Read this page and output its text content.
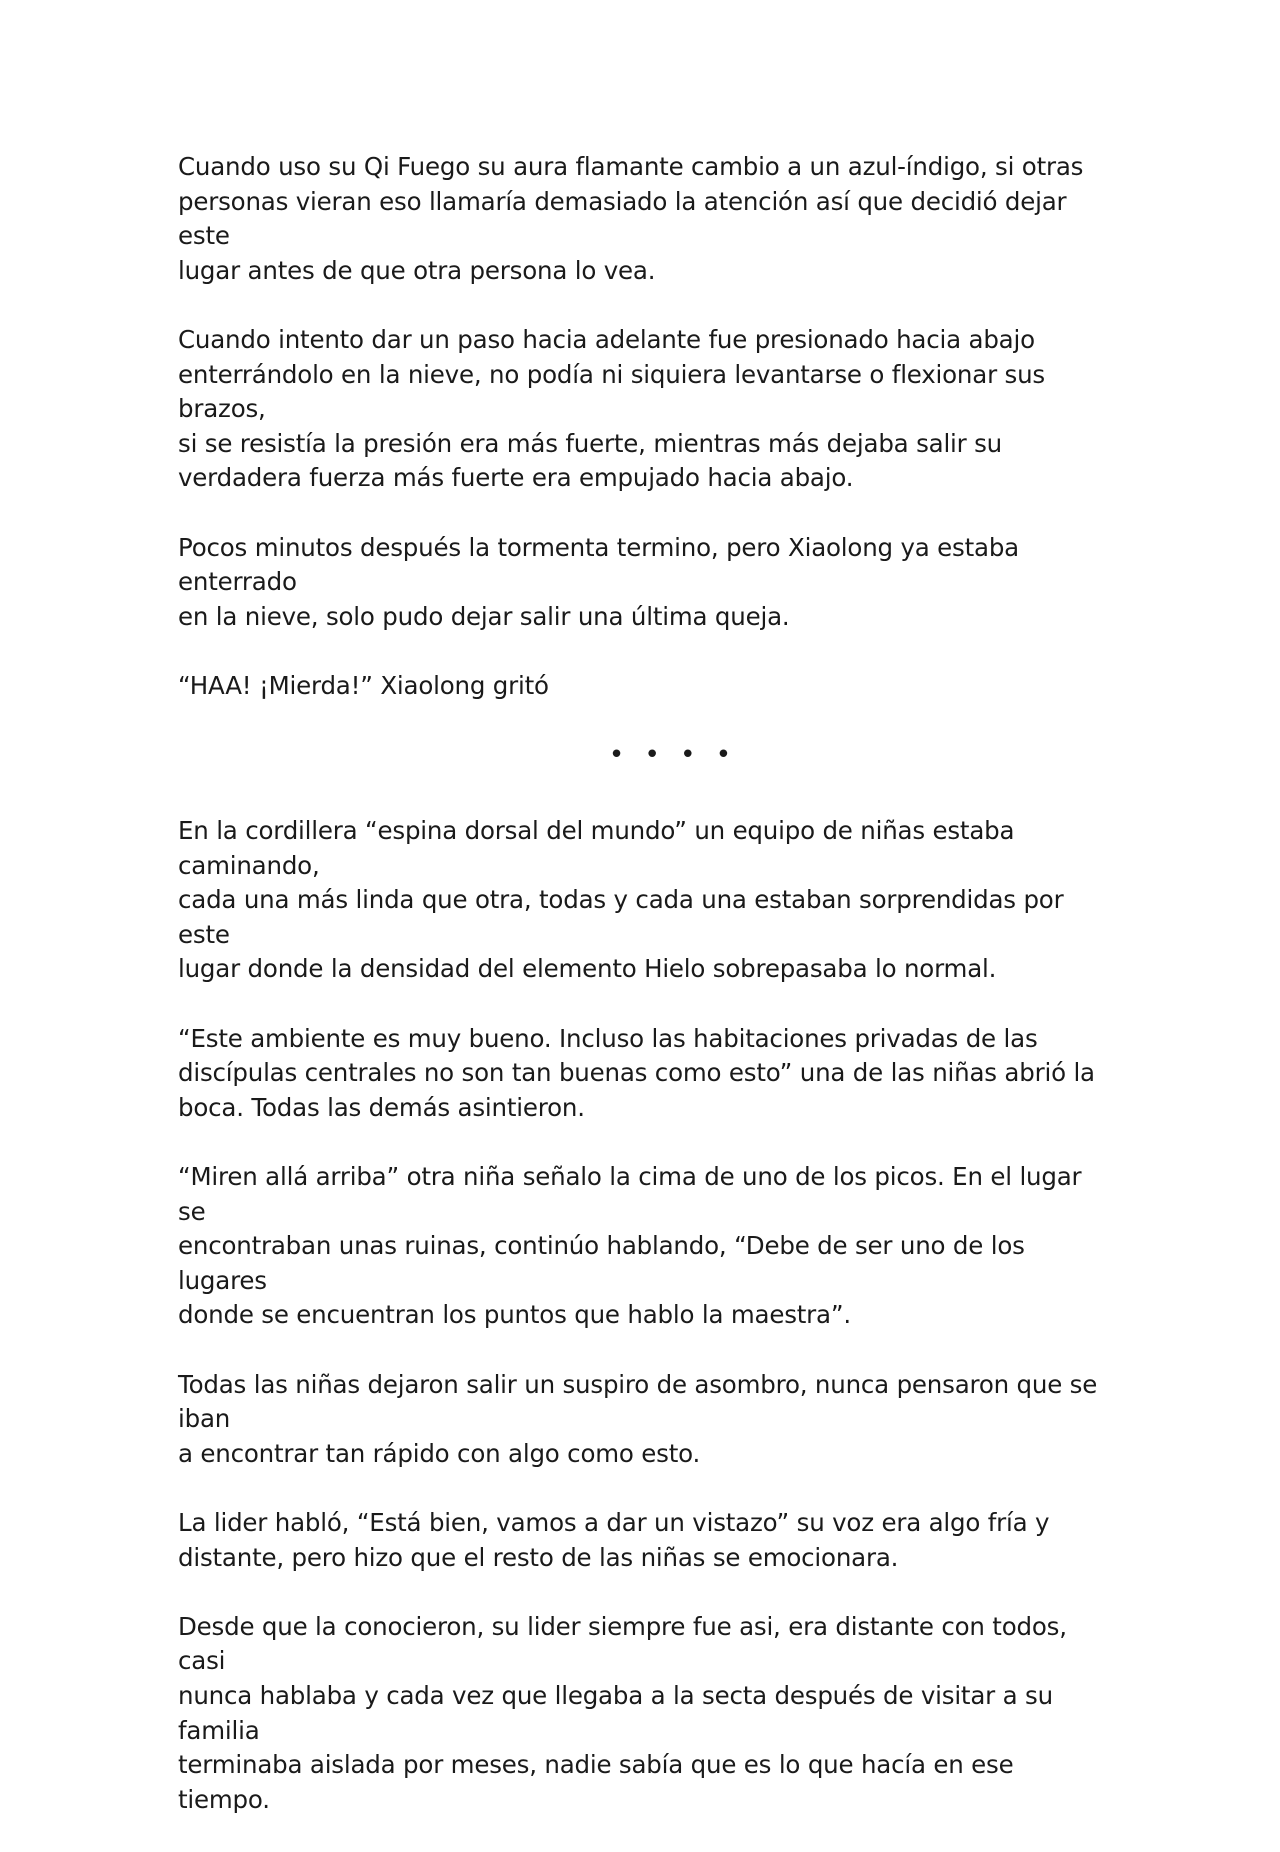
Cuando uso su Qi Fuego su aura flamante cambio a un azul-índigo, si otras
personas vieran eso llamaría demasiado la atención así que decidió dejar este
lugar antes de que otra persona lo vea.

Cuando intento dar un paso hacia adelante fue presionado hacia abajo
enterrándolo en la nieve, no podía ni siquiera levantarse o flexionar sus brazos,
si se resistía la presión era más fuerte, mientras más dejaba salir su
verdadera fuerza más fuerte era empujado hacia abajo.

Pocos minutos después la tormenta termino, pero Xiaolong ya estaba enterrado
en la nieve, solo pudo dejar salir una última queja.

“HAA! ¡Mierda!” Xiaolong gritó

• • • •

En la cordillera “espina dorsal del mundo” un equipo de niñas estaba caminando,
cada una más linda que otra, todas y cada una estaban sorprendidas por este
lugar donde la densidad del elemento Hielo sobrepasaba lo normal.

“Este ambiente es muy bueno. Incluso las habitaciones privadas de las
discípulas centrales no son tan buenas como esto” una de las niñas abrió la
boca. Todas las demás asintieron.

“Miren allá arriba” otra niña señalo la cima de uno de los picos. En el lugar se
encontraban unas ruinas, continúo hablando, “Debe de ser uno de los lugares
donde se encuentran los puntos que hablo la maestra”.

Todas las niñas dejaron salir un suspiro de asombro, nunca pensaron que se iban
a encontrar tan rápido con algo como esto.

La lider habló, “Está bien, vamos a dar un vistazo” su voz era algo fría y
distante, pero hizo que el resto de las niñas se emocionara.

Desde que la conocieron, su lider siempre fue asi, era distante con todos, casi
nunca hablaba y cada vez que llegaba a la secta después de visitar a su familia
terminaba aislada por meses, nadie sabía que es lo que hacía en ese tiempo.
